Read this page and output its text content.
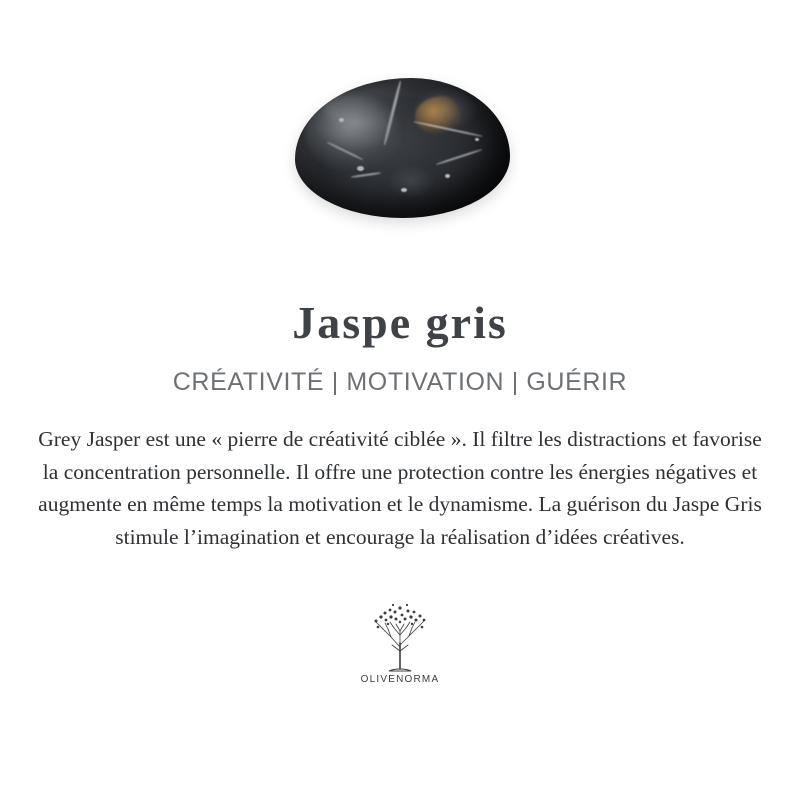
Jaspe gris
CRÉATIVITÉ | MOTIVATION | GUÉRIR

Grey Jasper est une « pierre de créativité ciblée ». Il filtre les distractions et favorise la concentration personnelle. Il offre une protection contre les énergies négatives et augmente en même temps la motivation et le dynamisme. La guérison du Jaspe Gris stimule l’imagination et encourage la réalisation d’idées créatives.

OLIVENORMA
